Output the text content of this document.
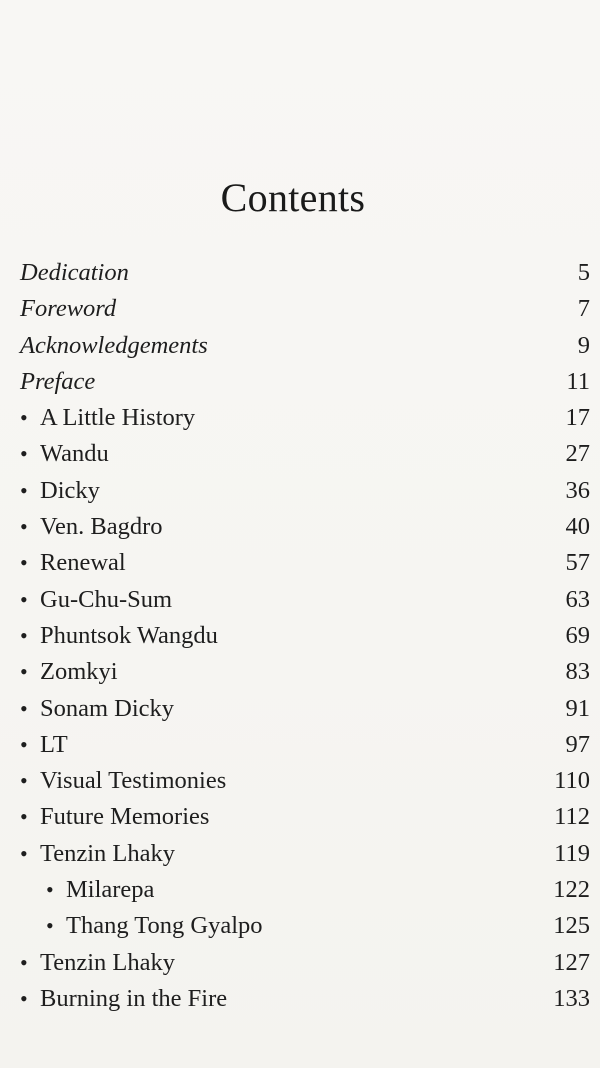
Contents
Dedication	5
Foreword	7
Acknowledgements	9
Preface	11
• A Little History	17
• Wandu	27
• Dicky	36
• Ven. Bagdro	40
• Renewal	57
• Gu-Chu-Sum	63
• Phuntsok Wangdu	69
• Zomkyi	83
• Sonam Dicky	91
• LT	97
• Visual Testimonies	110
• Future Memories	112
• Tenzin Lhaky	119
• Milarepa	122
• Thang Tong Gyalpo	125
• Tenzin Lhaky	127
• Burning in the Fire	133
